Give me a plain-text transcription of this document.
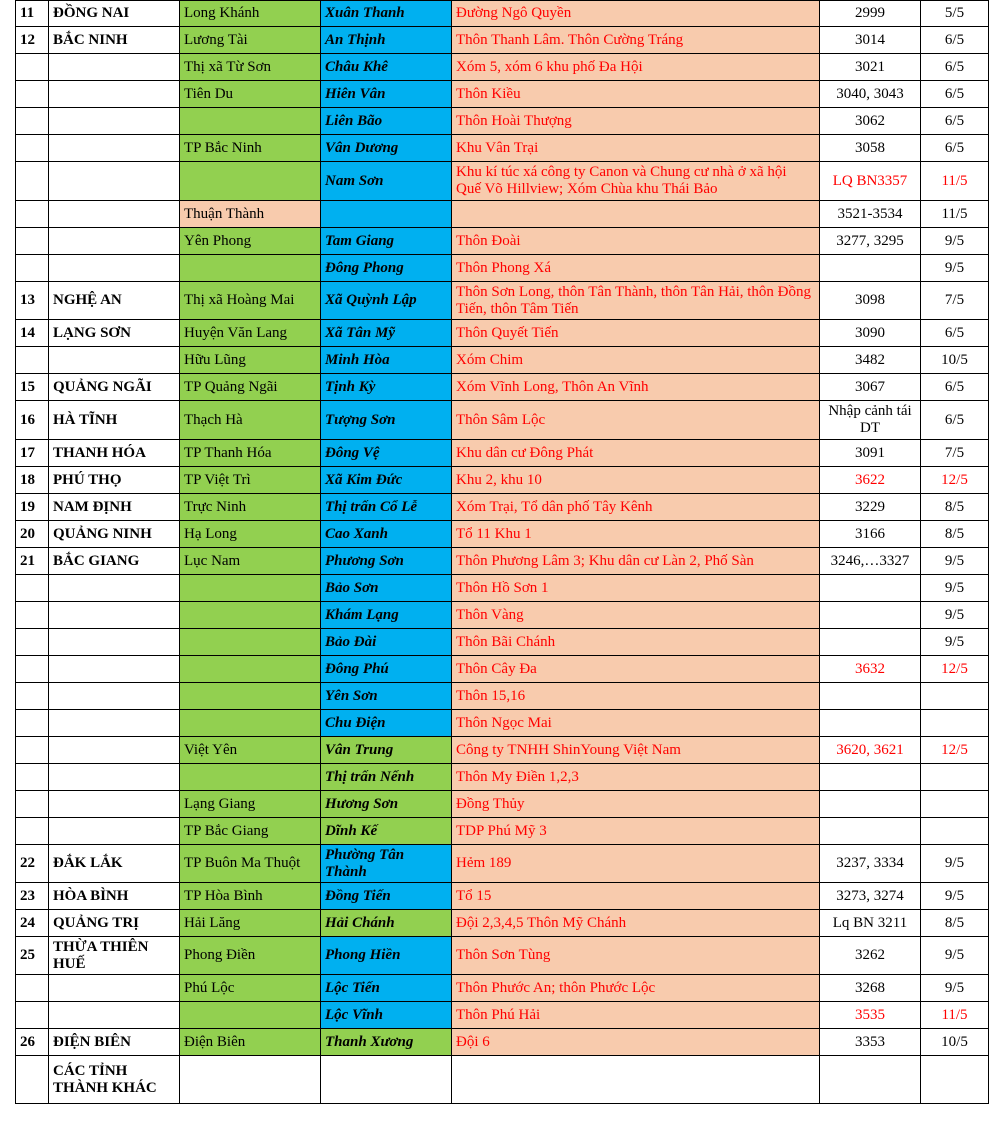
11	ĐỒNG NAI	Long Khánh	Xuân Thanh	Đường Ngô Quyền	2999	5/5
12	BẮC NINH	Lương Tài	An Thịnh	Thôn Thanh Lâm. Thôn Cường Tráng	3014	6/5
		Thị xã Từ Sơn	Châu Khê	Xóm 5, xóm 6 khu phố Đa Hội	3021	6/5
		Tiên Du	Hiên Vân	Thôn Kiều	3040, 3043	6/5
			Liên Bão	Thôn Hoài Thượng	3062	6/5
		TP Bắc Ninh	Vân Dương	Khu Vân Trại	3058	6/5
			Nam Sơn	Khu kí túc xá công ty Canon và Chung cư nhà ở xã hội Quế Võ Hillview; Xóm Chùa khu Thái Bảo	LQ BN3357	11/5
		Thuận Thành			3521-3534	11/5
		Yên Phong	Tam Giang	Thôn Đoài	3277, 3295	9/5
			Đông Phong	Thôn Phong Xá		9/5
13	NGHỆ AN	Thị xã Hoàng Mai	Xã Quỳnh Lập	Thôn Sơn Long, thôn Tân Thành, thôn Tân Hải, thôn Đồng Tiến, thôn Tâm Tiến	3098	7/5
14	LẠNG SƠN	Huyện Văn Lang	Xã Tân Mỹ	Thôn Quyết Tiến	3090	6/5
		Hữu Lũng	Minh Hòa	Xóm Chim	3482	10/5
15	QUẢNG NGÃI	TP Quảng Ngãi	Tịnh Kỳ	Xóm Vĩnh Long, Thôn An Vĩnh	3067	6/5
16	HÀ TĨNH	Thạch Hà	Tượng Sơn	Thôn Sâm Lộc	Nhập cảnh tái DT	6/5
17	THANH HÓA	TP Thanh Hóa	Đông Vệ	Khu dân cư Đông Phát	3091	7/5
18	PHÚ THỌ	TP Việt Trì	Xã Kim Đức	Khu 2, khu 10	3622	12/5
19	NAM ĐỊNH	Trực Ninh	Thị trấn Cổ Lễ	Xóm Trại, Tổ dân phố Tây Kênh	3229	8/5
20	QUẢNG NINH	Hạ Long	Cao Xanh	Tổ 11 Khu 1	3166	8/5
21	BẮC GIANG	Lục Nam	Phương Sơn	Thôn Phương Lâm 3; Khu dân cư Làn 2, Phố Sàn	3246,…3327	9/5
			Bảo Sơn	Thôn Hồ Sơn 1		9/5
			Khám Lạng	Thôn Vàng		9/5
			Bảo Đài	Thôn Bãi Chánh		9/5
			Đông Phú	Thôn Cây Đa	3632	12/5
			Yên Sơn	Thôn 15,16		
			Chu Điện	Thôn Ngọc Mai		
		Việt Yên	Vân Trung	Công ty TNHH ShinYoung Việt Nam	3620, 3621	12/5
			Thị trấn Nếnh	Thôn My Điền 1,2,3		
		Lạng Giang	Hương Sơn	Đồng Thủy		
		TP Bắc Giang	Dĩnh Kế	TDP Phú Mỹ 3		
22	ĐẮK LẮK	TP Buôn Ma Thuột	Phường Tân Thành	Hẻm 189	3237, 3334	9/5
23	HÒA BÌNH	TP Hòa Bình	Đồng Tiến	Tổ 15	3273, 3274	9/5
24	QUẢNG TRỊ	Hải Lăng	Hải Chánh	Đội 2,3,4,5 Thôn Mỹ Chánh	Lq BN 3211	8/5
25	THỪA THIÊN HUẾ	Phong Điền	Phong Hiền	Thôn Sơn Tùng	3262	9/5
		Phú Lộc	Lộc Tiến	Thôn Phước An; thôn Phước Lộc	3268	9/5
			Lộc Vĩnh	Thôn Phú Hải	3535	11/5
26	ĐIỆN BIÊN	Điện Biên	Thanh Xương	Đội 6	3353	10/5
	CÁC TỈNH THÀNH KHÁC					
